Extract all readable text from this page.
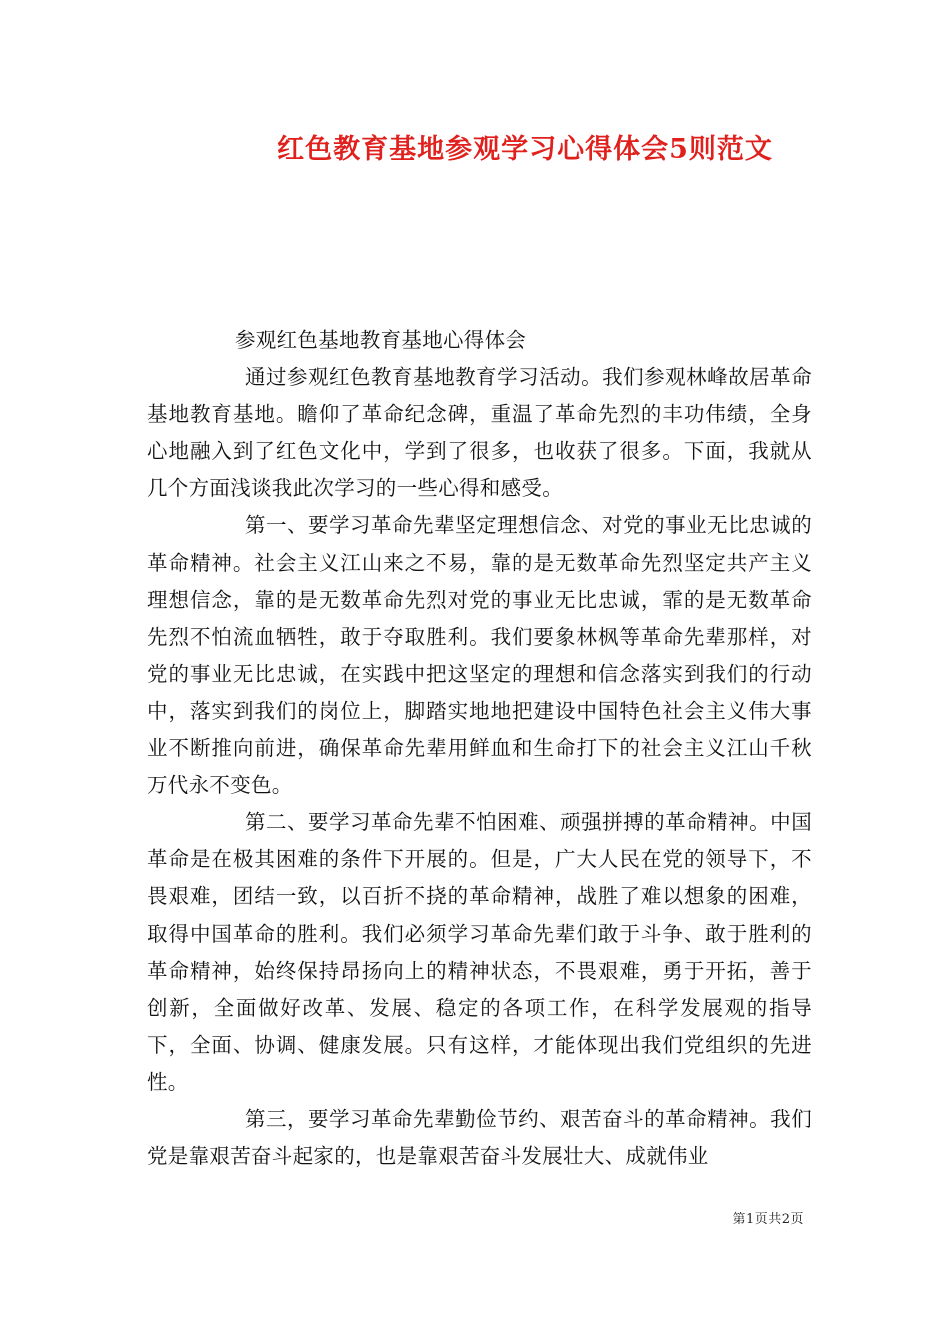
红色教育基地参观学习心得体会5则范文

参观红色基地教育基地心得体会

通过参观红色教育基地教育学习活动。我们参观林峰故居革命基地教育基地。瞻仰了革命纪念碑，重温了革命先烈的丰功伟绩，全身心地融入到了红色文化中，学到了很多，也收获了很多。下面，我就从几个方面浅谈我此次学习的一些心得和感受。

第一、要学习革命先辈坚定理想信念、对党的事业无比忠诚的革命精神。社会主义江山来之不易，靠的是无数革命先烈坚定共产主义理想信念，靠的是无数革命先烈对党的事业无比忠诚，霏的是无数革命先烈不怕流血牺牲，敢于夺取胜利。我们要象林枫等革命先辈那样，对党的事业无比忠诚，在实践中把这坚定的理想和信念落实到我们的行动中，落实到我们的岗位上，脚踏实地地把建设中国特色社会主义伟大事业不断推向前进，确保革命先辈用鲜血和生命打下的社会主义江山千秋万代永不变色。

第二、要学习革命先辈不怕困难、顽强拼搏的革命精神。中国革命是在极其困难的条件下开展的。但是，广大人民在党的领导下，不畏艰难，团结一致，以百折不挠的革命精神，战胜了难以想象的困难，取得中国革命的胜利。我们必须学习革命先辈们敢于斗争、敢于胜利的革命精神，始终保持昂扬向上的精神状态，不畏艰难，勇于开拓，善于创新，全面做好改革、发展、稳定的各项工作，在科学发展观的指导下，全面、协调、健康发展。只有这样，才能体现出我们党组织的先进性。

第三，要学习革命先辈勤俭节约、艰苦奋斗的革命精神。我们党是靠艰苦奋斗起家的，也是靠艰苦奋斗发展壮大、成就伟业

第1页共2页
